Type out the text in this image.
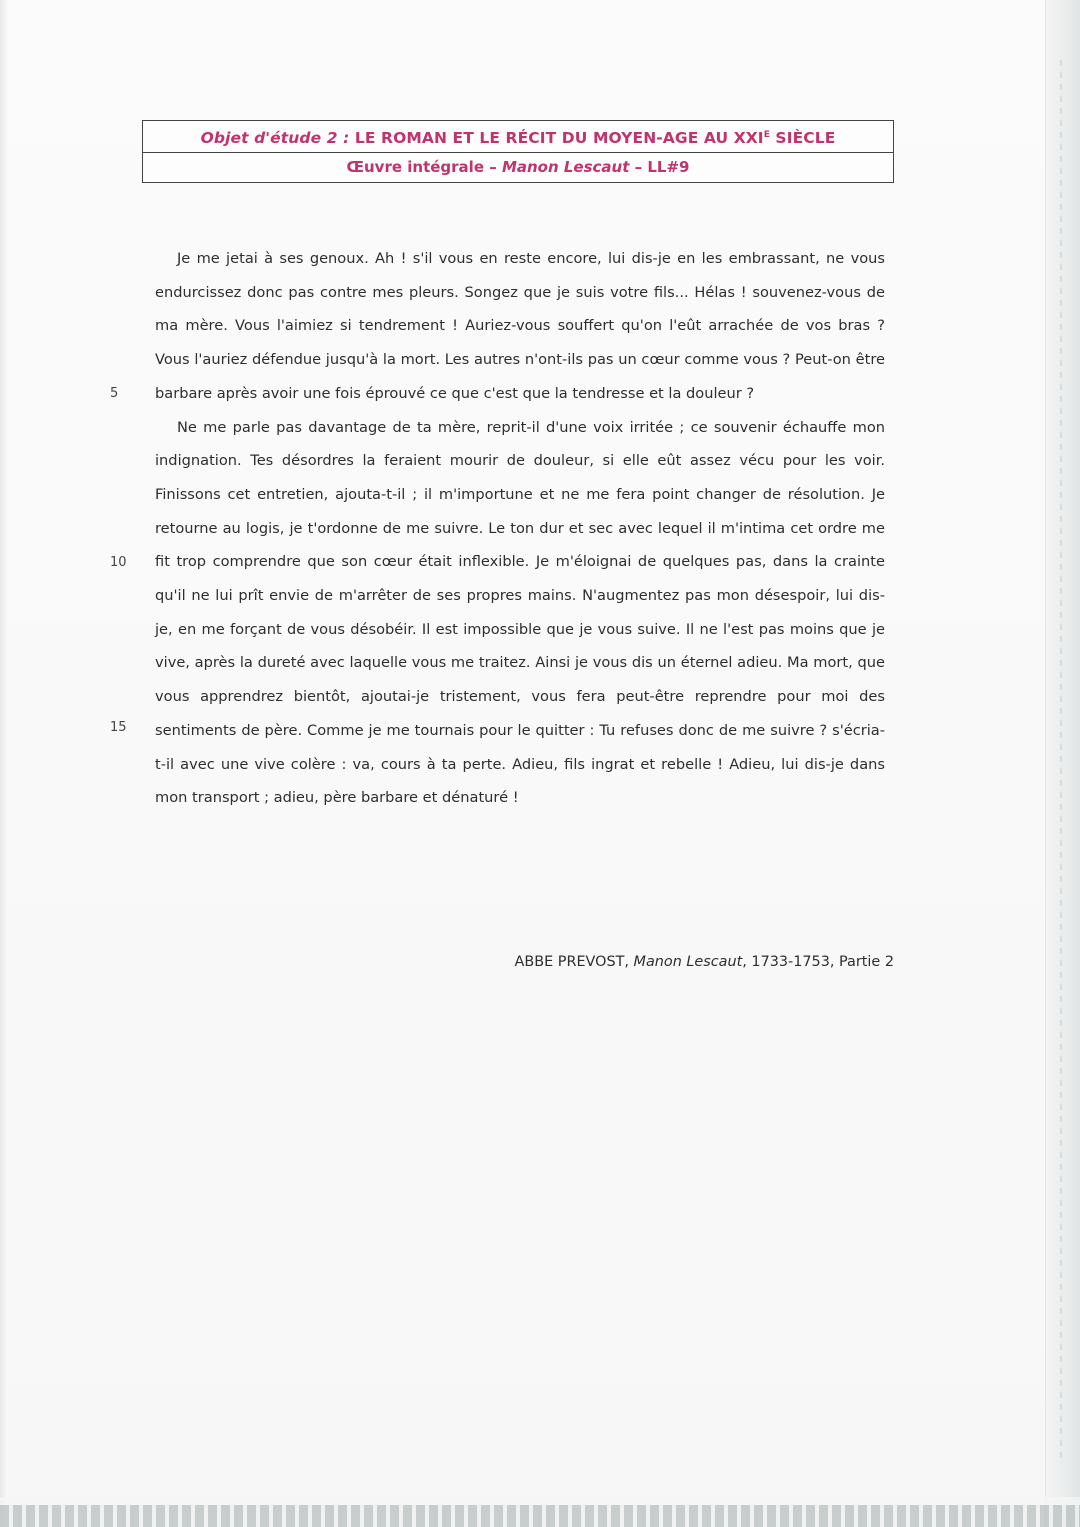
Objet d'étude 2 : LE ROMAN ET LE RÉCIT DU MOYEN-AGE AU $XXI^E$ SIÈCLE
Œuvre intégrale – Manon Lescaut – LL#9

Je me jetai à ses genoux. Ah ! s'il vous en reste encore, lui dis-je en les embrassant, ne vous endurcissez donc pas contre mes pleurs. Songez que je suis votre fils... Hélas ! souvenez-vous de ma mère. Vous l'aimiez si tendrement ! Auriez-vous souffert qu'on l'eût arrachée de vos bras ? Vous l'auriez défendue jusqu'à la mort. Les autres n'ont-ils pas un cœur comme vous ? Peut-on être barbare après avoir une fois éprouvé ce que c'est que la tendresse et la douleur ?

Ne me parle pas davantage de ta mère, reprit-il d'une voix irritée ; ce souvenir échauffe mon indignation. Tes désordres la feraient mourir de douleur, si elle eût assez vécu pour les voir. Finissons cet entretien, ajouta-t-il ; il m'importune et ne me fera point changer de résolution. Je retourne au logis, je t'ordonne de me suivre. Le ton dur et sec avec lequel il m'intima cet ordre me fit trop comprendre que son cœur était inflexible. Je m'éloignai de quelques pas, dans la crainte qu'il ne lui prît envie de m'arrêter de ses propres mains. N'augmentez pas mon désespoir, lui dis-je, en me forçant de vous désobéir. Il est impossible que je vous suive. Il ne l'est pas moins que je vive, après la dureté avec laquelle vous me traitez. Ainsi je vous dis un éternel adieu. Ma mort, que vous apprendrez bientôt, ajoutai-je tristement, vous fera peut-être reprendre pour moi des sentiments de père. Comme je me tournais pour le quitter : Tu refuses donc de me suivre ? s'écria-t-il avec une vive colère : va, cours à ta perte. Adieu, fils ingrat et rebelle ! Adieu, lui dis-je dans mon transport ; adieu, père barbare et dénaturé !

5
10
15
ABBE PREVOST, Manon Lescaut, 1733-1753, Partie 2
